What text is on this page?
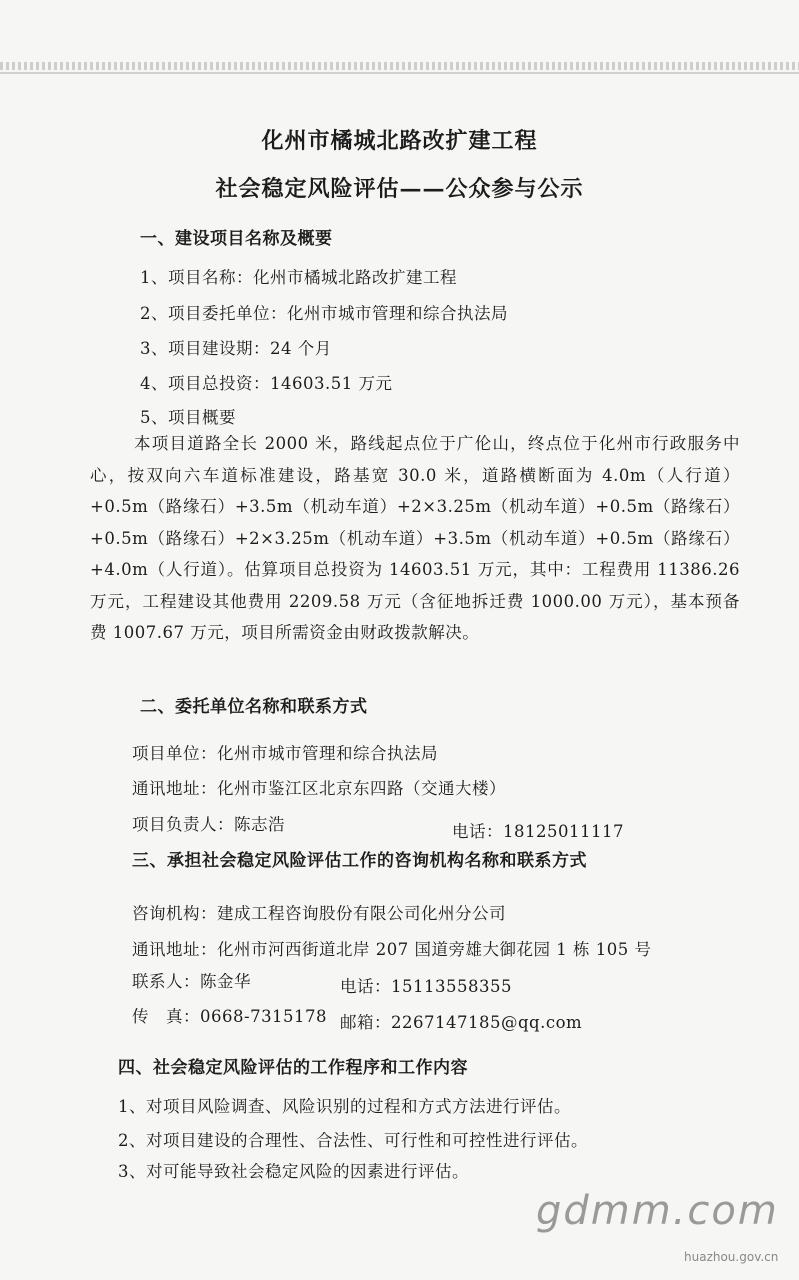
化州市橘城北路改扩建工程
社会稳定风险评估——公众参与公示
一、建设项目名称及概要
1、项目名称：化州市橘城北路改扩建工程
2、项目委托单位：化州市城市管理和综合执法局
3、项目建设期：24 个月
4、项目总投资：14603.51 万元
5、项目概要
本项目道路全长 2000 米，路线起点位于广伦山，终点位于化州市行政服务中心，按双向六车道标准建设，路基宽 30.0 米，道路横断面为 4.0m（人行道）+0.5m（路缘石）+3.5m（机动车道）+2×3.25m（机动车道）+0.5m（路缘石）+0.5m（路缘石）+2×3.25m（机动车道）+3.5m（机动车道）+0.5m（路缘石）+4.0m（人行道）。估算项目总投资为 14603.51 万元，其中：工程费用 11386.26 万元，工程建设其他费用 2209.58 万元（含征地拆迁费 1000.00 万元），基本预备费 1007.67 万元，项目所需资金由财政拨款解决。
二、委托单位名称和联系方式
项目单位：化州市城市管理和综合执法局
通讯地址：化州市鉴江区北京东四路（交通大楼）
项目负责人：陈志浩	电话：18125011117
三、承担社会稳定风险评估工作的咨询机构名称和联系方式
咨询机构：建成工程咨询股份有限公司化州分公司
通讯地址：化州市河西街道北岸 207 国道旁雄大御花园 1 栋 105 号
联系人：陈金华	电话：15113558355
传　真：0668-7315178 邮箱：2267147185@qq.com
四、社会稳定风险评估的工作程序和工作内容
1、对项目风险调查、风险识别的过程和方式方法进行评估。
2、对项目建设的合理性、合法性、可行性和可控性进行评估。
3、对可能导致社会稳定风险的因素进行评估。
gdmm.com
huazhou.gov.cn
